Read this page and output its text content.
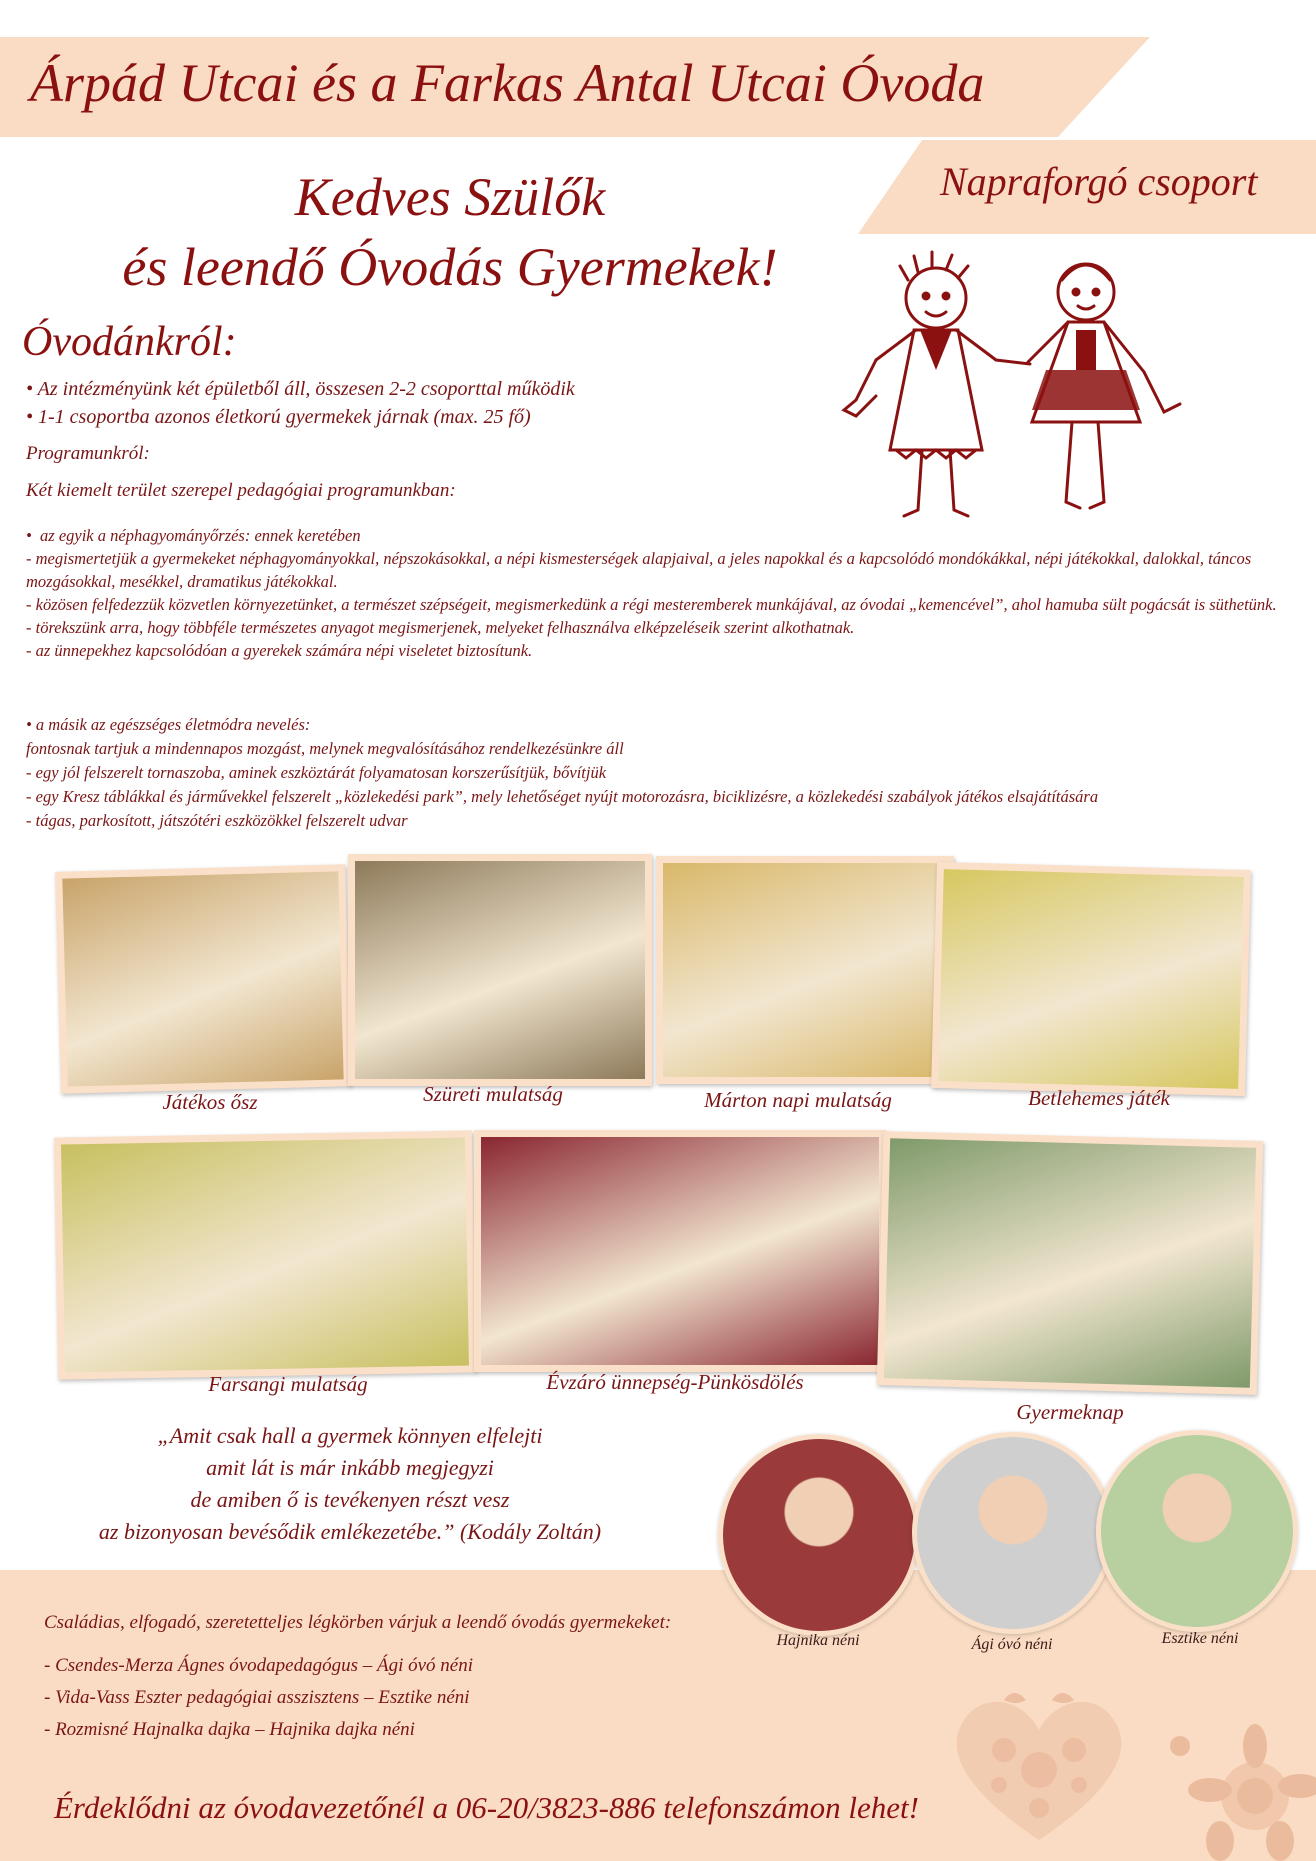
Árpád Utcai és a Farkas Antal Utcai Óvoda
Napraforgó csoport
Kedves Szülők
és leendő Óvodás Gyermekek!
Óvodánkról:
• Az intézményünk két épületből áll, összesen 2-2 csoporttal működik
• 1-1 csoportba azonos életkorú gyermekek járnak (max. 25 fő)
Programunkról:
Két kiemelt terület szerepel pedagógiai programunkban:
•  az egyik a néphagyományőrzés: ennek keretében
- megismertetjük a gyermekeket néphagyományokkal, népszokásokkal, a népi kismesterségek alapjaival, a jeles napokkal és a kapcsolódó mondókákkal, népi játékokkal, dalokkal, táncos mozgásokkal, mesékkel, dramatikus játékokkal.
- közösen felfedezzük közvetlen környezetünket, a természet szépségeit, megismerkedünk a régi mesteremberek munkájával, az óvodai „kemencével”, ahol hamuba sült pogácsát is süthetünk.
- törekszünk arra, hogy többféle természetes anyagot megismerjenek, melyeket felhasználva elképzeléseik szerint alkothatnak.
- az ünnepekhez kapcsolódóan a gyerekek számára népi viseletet biztosítunk.
• a másik az egészséges életmódra nevelés:
fontosnak tartjuk a mindennapos mozgást, melynek megvalósításához rendelkezésünkre áll
- egy jól felszerelt tornaszoba, aminek eszköztárát folyamatosan korszerűsítjük, bővítjük
- egy Kresz táblákkal és járművekkel felszerelt „közlekedési park”, mely lehetőséget nyújt motorozásra, biciklizésre, a közlekedési szabályok játékos elsajátítására
- tágas, parkosított, játszótéri eszközökkel felszerelt udvar
Játékos ősz	Szüreti mulatság	Márton napi mulatság	Betlehemes játék
Farsangi mulatság	Évzáró ünnepség-Pünkösdölés
Gyermeknap
„Amit csak hall a gyermek könnyen elfelejti
amit lát is már inkább megjegyzi
de amiben ő is tevékenyen részt vesz
az bizonyosan bevésődik emlékezetébe.” (Kodály Zoltán)
Családias, elfogadó, szeretetteljes légkörben várjuk a leendő óvodás gyermekeket:
- Csendes-Merza Ágnes óvodapedagógus – Ági óvó néni
- Vida-Vass Eszter pedagógiai asszisztens – Esztike néni
- Rozmisné Hajnalka dajka – Hajnika dajka néni
Hajnika néni	Ági óvó néni	Esztike néni
Érdeklődni az óvodavezetőnél a 06-20/3823-886 telefonszámon lehet!
